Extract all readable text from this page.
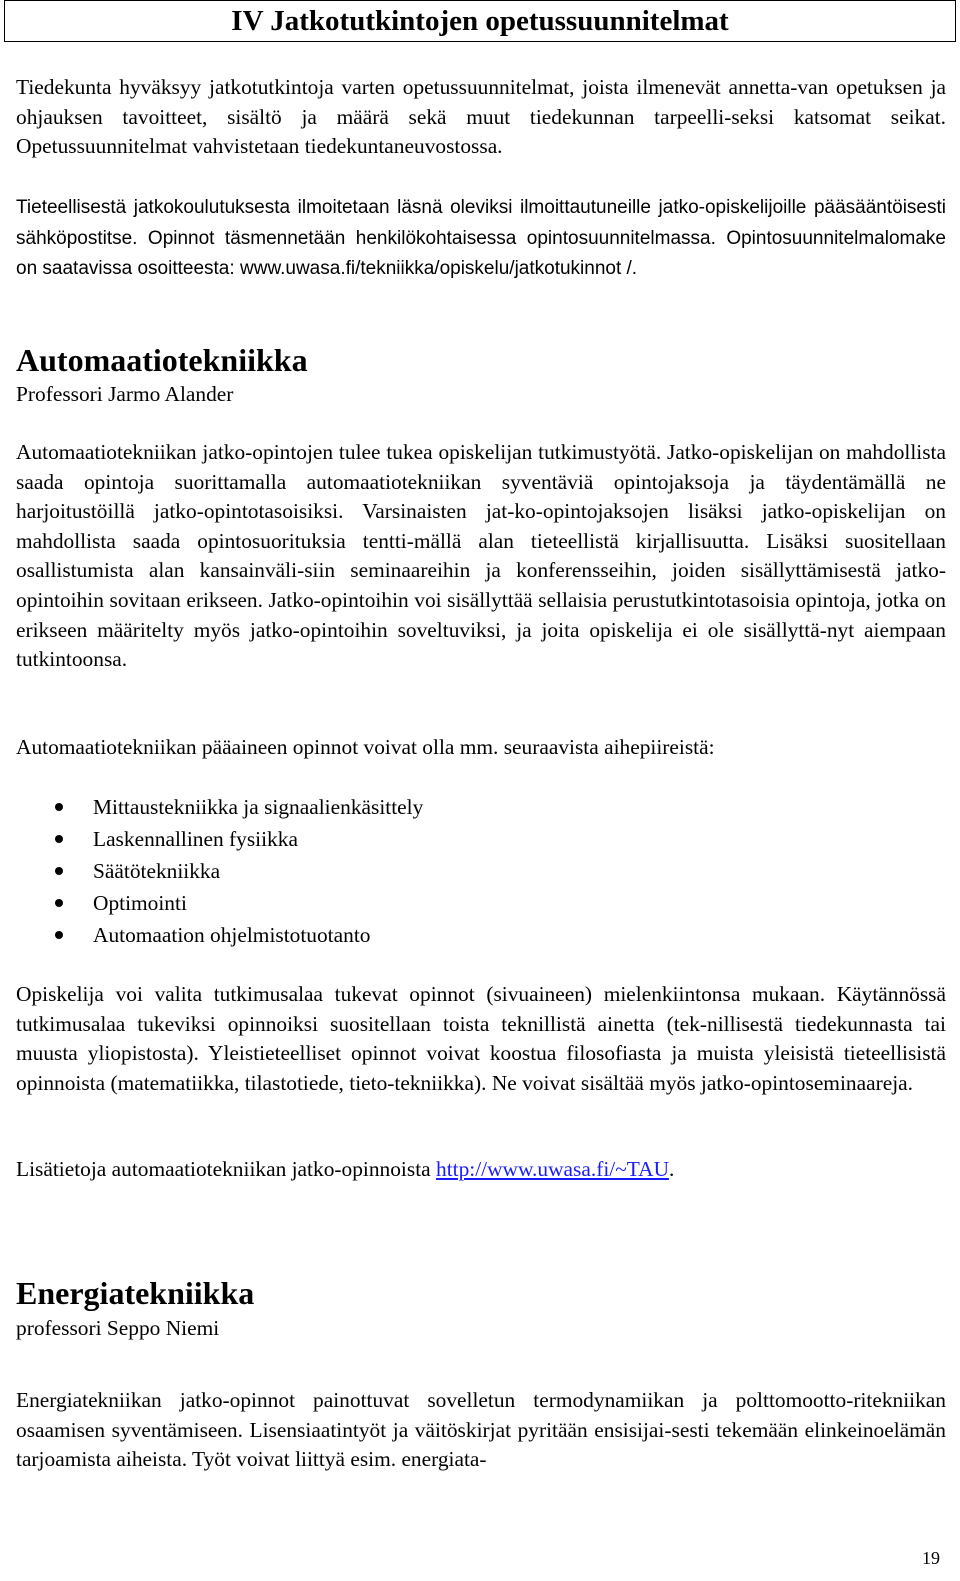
IV Jatkotutkintojen opetussuunnitelmat

Tiedekunta hyväksyy jatkotutkintoja varten opetussuunnitelmat, joista ilmenevät annetta-van opetuksen ja ohjauksen tavoitteet, sisältö ja määrä sekä muut tiedekunnan tarpeelli-seksi katsomat seikat. Opetussuunnitelmat vahvistetaan tiedekuntaneuvostossa.

Tieteellisestä jatkokoulutuksesta ilmoitetaan läsnä oleviksi ilmoittautuneille jatko-opiskelijoille pääsääntöisesti sähköpostitse. Opinnot täsmennetään henkilökohtaisessa opintosuunnitelmassa. Opintosuunnitelmalomake on saatavissa osoitteesta: www.uwasa.fi/tekniikka/opiskelu/jatkotukinnot /.

Automaatiotekniikka

Professori Jarmo Alander

Automaatiotekniikan jatko-opintojen tulee tukea opiskelijan tutkimustyötä. Jatko-opiskelijan on mahdollista saada opintoja suorittamalla automaatiotekniikan syventäviä opintojaksoja ja täydentämällä ne harjoitustöillä jatko-opintotasoisiksi. Varsinaisten jat-ko-opintojaksojen lisäksi jatko-opiskelijan on mahdollista saada opintosuorituksia tentti-mällä alan tieteellistä kirjallisuutta. Lisäksi suositellaan osallistumista alan kansainväli-siin seminaareihin ja konferensseihin, joiden sisällyttämisestä jatko-opintoihin sovitaan erikseen. Jatko-opintoihin voi sisällyttää sellaisia perustutkintotasoisia opintoja, jotka on erikseen määritelty myös jatko-opintoihin soveltuviksi, ja joita opiskelija ei ole sisällyttä-nyt aiempaan tutkintoonsa.

Automaatiotekniikan pääaineen opinnot voivat olla mm. seuraavista aihepiireistä:

Mittaustekniikka ja signaalienkäsittely
Laskennallinen fysiikka
Säätötekniikka
Optimointi
Automaation ohjelmistotuotanto

Opiskelija voi valita tutkimusalaa tukevat opinnot (sivuaineen) mielenkiintonsa mukaan. Käytännössä tutkimusalaa tukeviksi opinnoiksi suositellaan toista teknillistä ainetta (tek-nillisestä tiedekunnasta tai muusta yliopistosta). Yleistieteelliset opinnot voivat koostua filosofiasta ja muista yleisistä tieteellisistä opinnoista (matematiikka, tilastotiede, tieto-tekniikka). Ne voivat sisältää myös jatko-opintoseminaareja.

Lisätietoja automaatiotekniikan jatko-opinnoista http://www.uwasa.fi/~TAU.

Energiatekniikka

professori Seppo Niemi

Energiatekniikan jatko-opinnot painottuvat sovelletun termodynamiikan ja polttomootto-ritekniikan osaamisen syventämiseen. Lisensiaatintyöt ja väitöskirjat pyritään ensisijai-sesti tekemään elinkeinoelämän tarjoamista aiheista. Työt voivat liittyä esim. energiata-

19
